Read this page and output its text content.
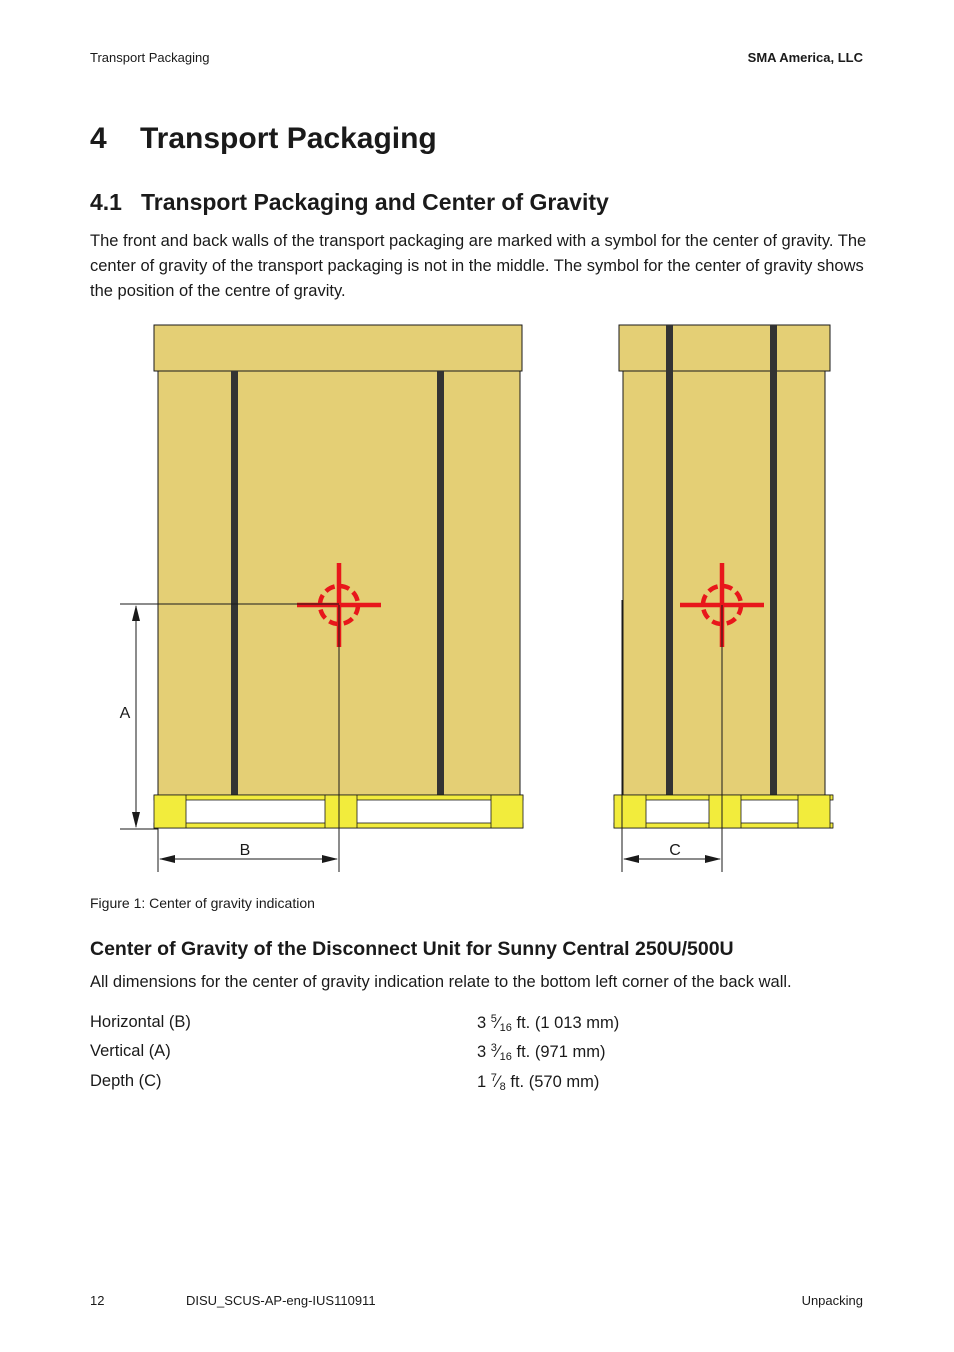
Transport Packaging	SMA America, LLC
4 Transport Packaging
4.1 Transport Packaging and Center of Gravity
The front and back walls of the transport packaging are marked with a symbol for the center of gravity. The center of gravity of the transport packaging is not in the middle. The symbol for the center of gravity shows the position of the centre of gravity.
A
B	C
Figure 1: Center of gravity indication
Center of Gravity of the Disconnect Unit for Sunny Central 250U/500U
All dimensions for the center of gravity indication relate to the bottom left corner of the back wall.
Horizontal (B)	3 $^5⁄_{16}$ ft. (1 013 mm)
Vertical (A)	3 $^3⁄_{16}$ ft. (971 mm)
Depth (C)	1 $^7⁄_8$ ft. (570 mm)
12	DISU_SCUS-AP-eng-IUS110911	Unpacking
